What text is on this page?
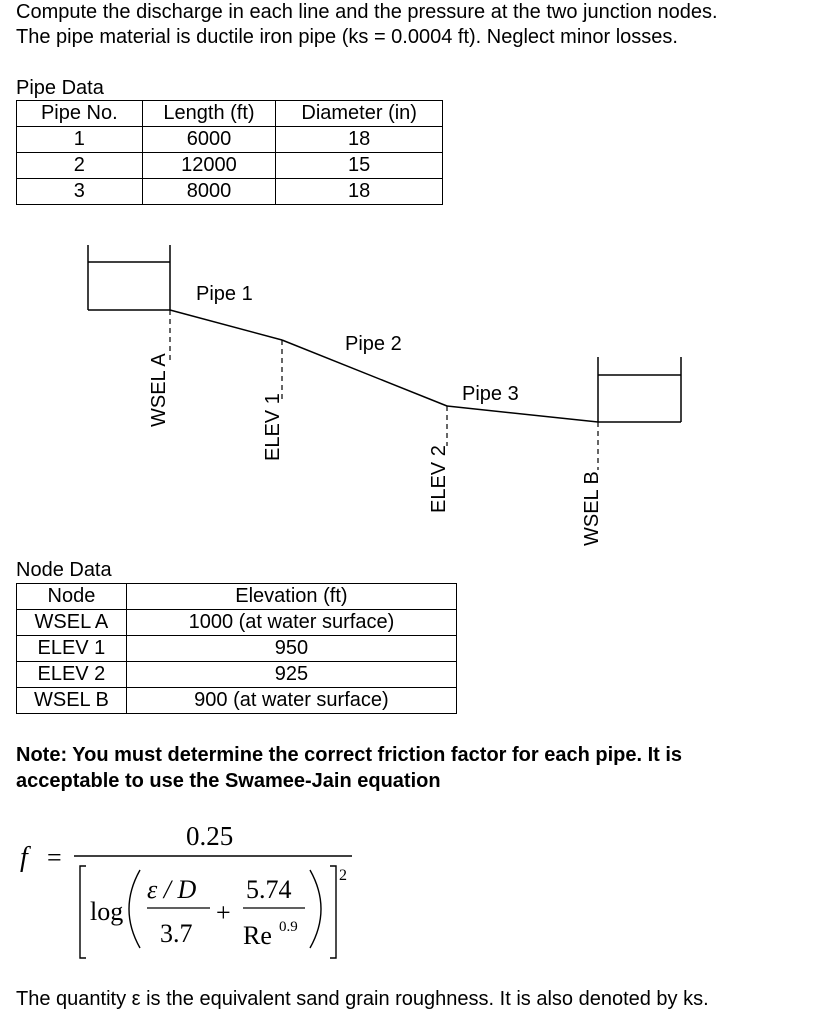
Compute the discharge in each line and the pressure at the two junction nodes.
The pipe material is ductile iron pipe (ks = 0.0004 ft). Neglect minor losses.
Pipe Data
Pipe No.	Length (ft)	Diameter (in)
1	6000	18
2	12000	15
3	8000	18
Pipe 1
Pipe 2
Pipe 3
WSEL A
ELEV 1
ELEV 2	WSEL B
Node Data
Node	Elevation (ft)
WSEL A	1000 (at water surface)
ELEV 1	950
ELEV 2	925
WSEL B	900 (at water surface)
Note: You must determine the correct friction factor for each pipe. It is
acceptable to use the Swamee-Jain equation
f =
0.25
log
ε / D
3.7
+
5.74
Re 0.9
2
The quantity ε is the equivalent sand grain roughness. It is also denoted by ks.
